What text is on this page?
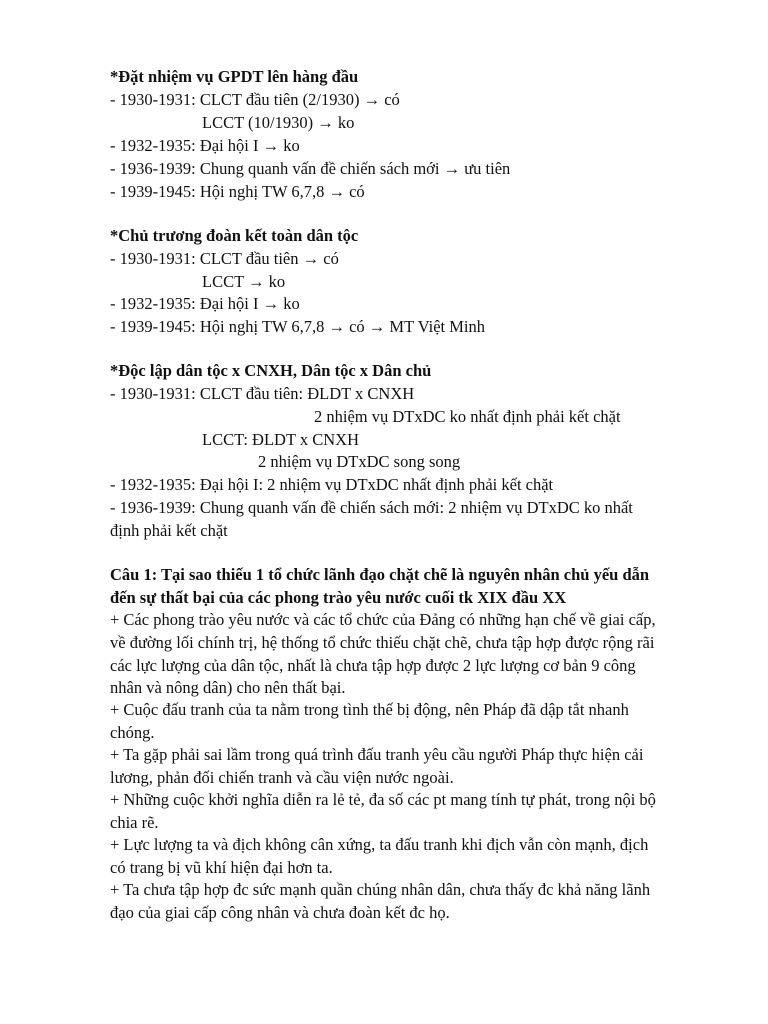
*Đặt nhiệm vụ GPDT lên hàng đầu
- 1930-1931: CLCT đầu tiên (2/1930) → có
LCCT (10/1930) → ko
- 1932-1935: Đại hội I → ko
- 1936-1939: Chung quanh vấn đề chiến sách mới → ưu tiên
- 1939-1945: Hội nghị TW 6,7,8 → có
*Chủ trương đoàn kết toàn dân tộc
- 1930-1931: CLCT đầu tiên → có
LCCT → ko
- 1932-1935: Đại hội I → ko
- 1939-1945: Hội nghị TW 6,7,8 → có → MT Việt Minh
*Độc lập dân tộc x CNXH, Dân tộc x Dân chủ
- 1930-1931: CLCT đầu tiên: ĐLDT x CNXH
2 nhiệm vụ DTxDC ko nhất định phải kết chặt
LCCT: ĐLDT x CNXH
2 nhiệm vụ DTxDC song song
- 1932-1935: Đại hội I: 2 nhiệm vụ DTxDC nhất định phải kết chặt
- 1936-1939: Chung quanh vấn đề chiến sách mới: 2 nhiệm vụ DTxDC ko nhất
định phải kết chặt
Câu 1: Tại sao thiếu 1 tổ chức lãnh đạo chặt chẽ là nguyên nhân chủ yếu dẫn
đến sự thất bại của các phong trào yêu nước cuối tk XIX đầu XX
+ Các phong trào yêu nước và các tổ chức của Đảng có những hạn chế về giai cấp,
về đường lối chính trị, hệ thống tổ chức thiếu chặt chẽ, chưa tập hợp được rộng rãi
các lực lượng của dân tộc, nhất là chưa tập hợp được 2 lực lượng cơ bản 9 công
nhân và nông dân) cho nên thất bại.
+ Cuộc đấu tranh của ta nằm trong tình thế bị động, nên Pháp đã dập tắt nhanh
chóng.
+ Ta gặp phải sai lầm trong quá trình đấu tranh yêu cầu người Pháp thực hiện cải
lương, phản đối chiến tranh và cầu viện nước ngoài.
+ Những cuộc khởi nghĩa diễn ra lẻ tẻ, đa số các pt mang tính tự phát, trong nội bộ
chia rẽ.
+ Lực lượng ta và địch không cân xứng, ta đấu tranh khi địch vẫn còn mạnh, địch
có trang bị vũ khí hiện đại hơn ta.
+ Ta chưa tập hợp đc sức mạnh quần chúng nhân dân, chưa thấy đc khả năng lãnh
đạo của giai cấp công nhân và chưa đoàn kết đc họ.
